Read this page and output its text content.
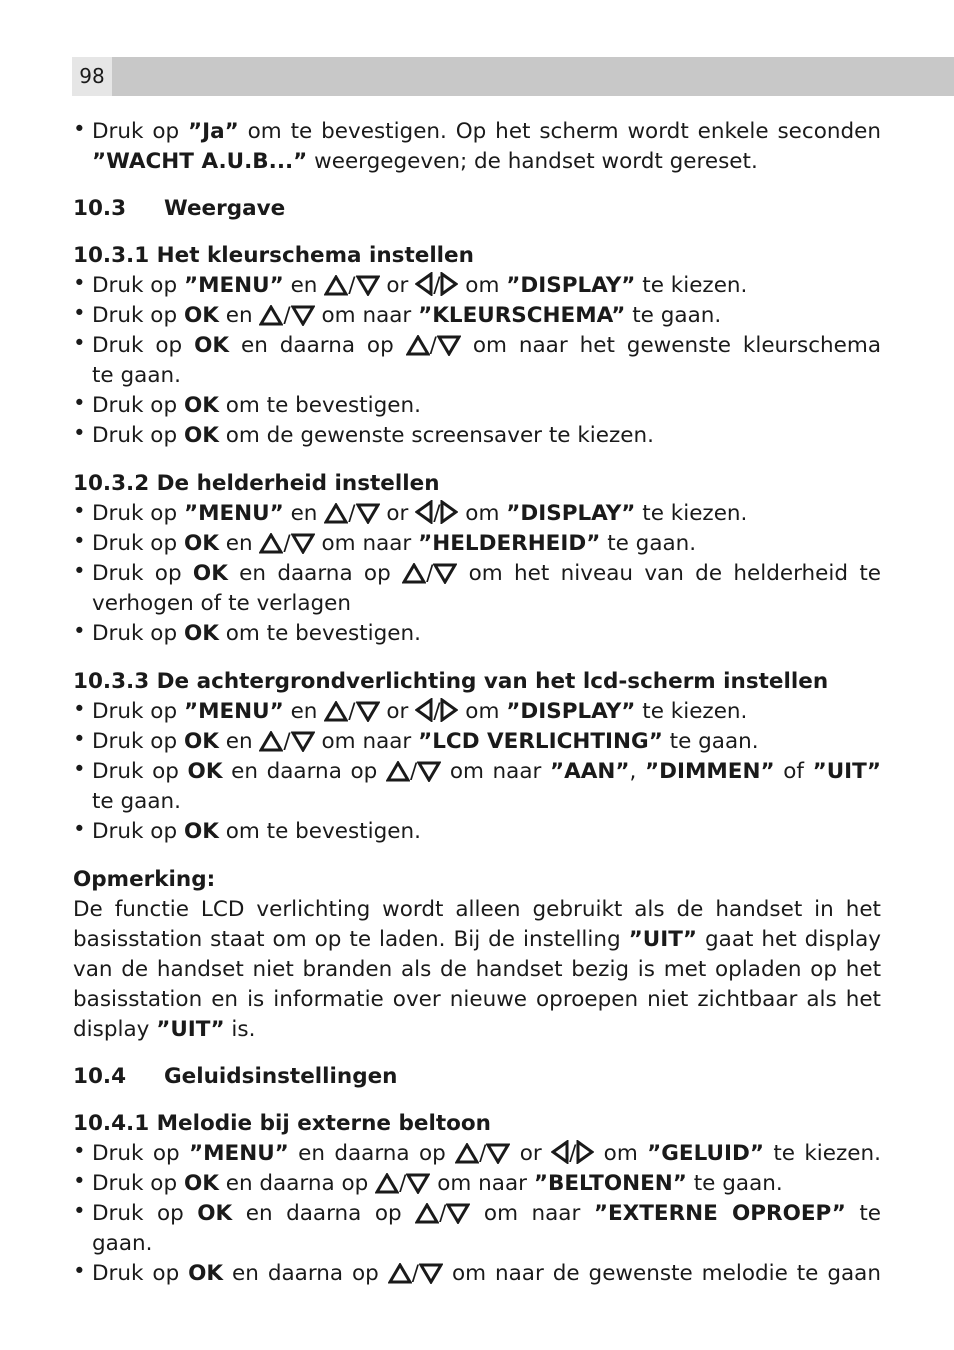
98
• Druk op ”Ja” om te bevestigen. Op het scherm wordt enkele seconden
”WACHT A.U.B...” weergegeven; de handset wordt gereset.
10.3 Weergave
10.3.1 Het kleurschema instellen
• Druk op ”MENU” en
/
or
/
om ”DISPLAY” te kiezen.
• Druk op OK en
/
om naar ”KLEURSCHEMA” te gaan.
• Druk op OK en daarna op
/
om naar het gewenste kleurschema
te gaan.
• Druk op OK om te bevestigen.
• Druk op OK om de gewenste screensaver te kiezen.
10.3.2 De helderheid instellen
• Druk op ”MENU” en
/
or
/
om ”DISPLAY” te kiezen.
• Druk op OK en
/
om naar ”HELDERHEID” te gaan.
• Druk op OK en daarna op
/
om het niveau van de helderheid te
verhogen of te verlagen
• Druk op OK om te bevestigen.
10.3.3 De achtergrondverlichting van het lcd-scherm instellen
• Druk op ”MENU” en
/
or
/
om ”DISPLAY” te kiezen.
• Druk op OK en
/
om naar ”LCD VERLICHTING” te gaan.
• Druk op OK en daarna op
/
om naar ”AAN”, ”DIMMEN” of ”UIT”
te gaan.
• Druk op OK om te bevestigen.
Opmerking:
De functie LCD verlichting wordt alleen gebruikt als de handset in het
basisstation staat om op te laden. Bij de instelling ”UIT” gaat het display
van de handset niet branden als de handset bezig is met opladen op het
basisstation en is informatie over nieuwe oproepen niet zichtbaar als het
display ”UIT” is.
10.4 Geluidsinstellingen
10.4.1 Melodie bij externe beltoon
• Druk op ”MENU” en daarna op
/
or
/
om ”GELUID” te kiezen.
• Druk op OK en daarna op
/
om naar ”BELTONEN” te gaan.
• Druk op OK en daarna op
/
om naar ”EXTERNE OPROEP” te
gaan.
• Druk op OK en daarna op
/
om naar de gewenste melodie te gaan
